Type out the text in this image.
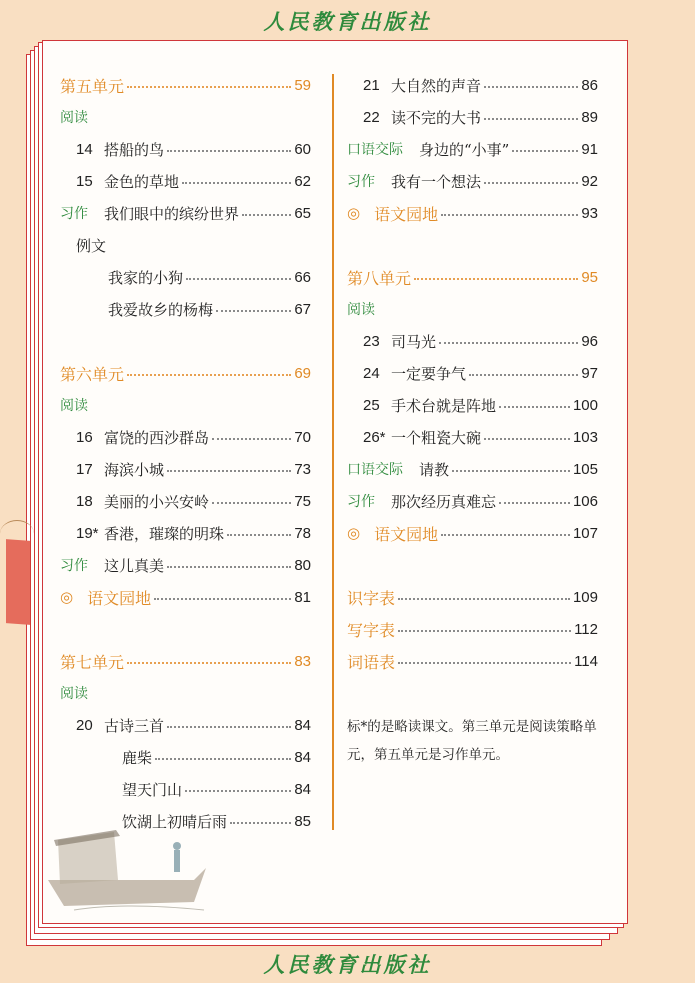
人民教育出版社
第五单元	59
阅读
14 搭船的鸟	60
15 金色的草地	62
习作 我们眼中的缤纷世界	65
例文
我家的小狗	66
我爱故乡的杨梅	67
第六单元	69
阅读
16 富饶的西沙群岛	70
17 海滨小城	73
18 美丽的小兴安岭	75
19* 香港，璀璨的明珠	78
习作 这儿真美	80
◎ 语文园地	81
第七单元	83
阅读
20 古诗三首	84
鹿柴	84
望天门山	84
饮湖上初晴后雨	85
21 大自然的声音	86
22 读不完的大书	89
口语交际 身边的“小事”	91
习作 我有一个想法	92
◎ 语文园地	93
第八单元	95
阅读
23 司马光	96
24 一定要争气	97
25 手术台就是阵地	100
26* 一个粗瓷大碗	103
口语交际 请教	105
习作 那次经历真难忘	106
◎ 语文园地	107
识字表	109
写字表	112
词语表	114
标*的是略读课文。第三单元是阅读策略单元，第五单元是习作单元。
人民教育出版社
